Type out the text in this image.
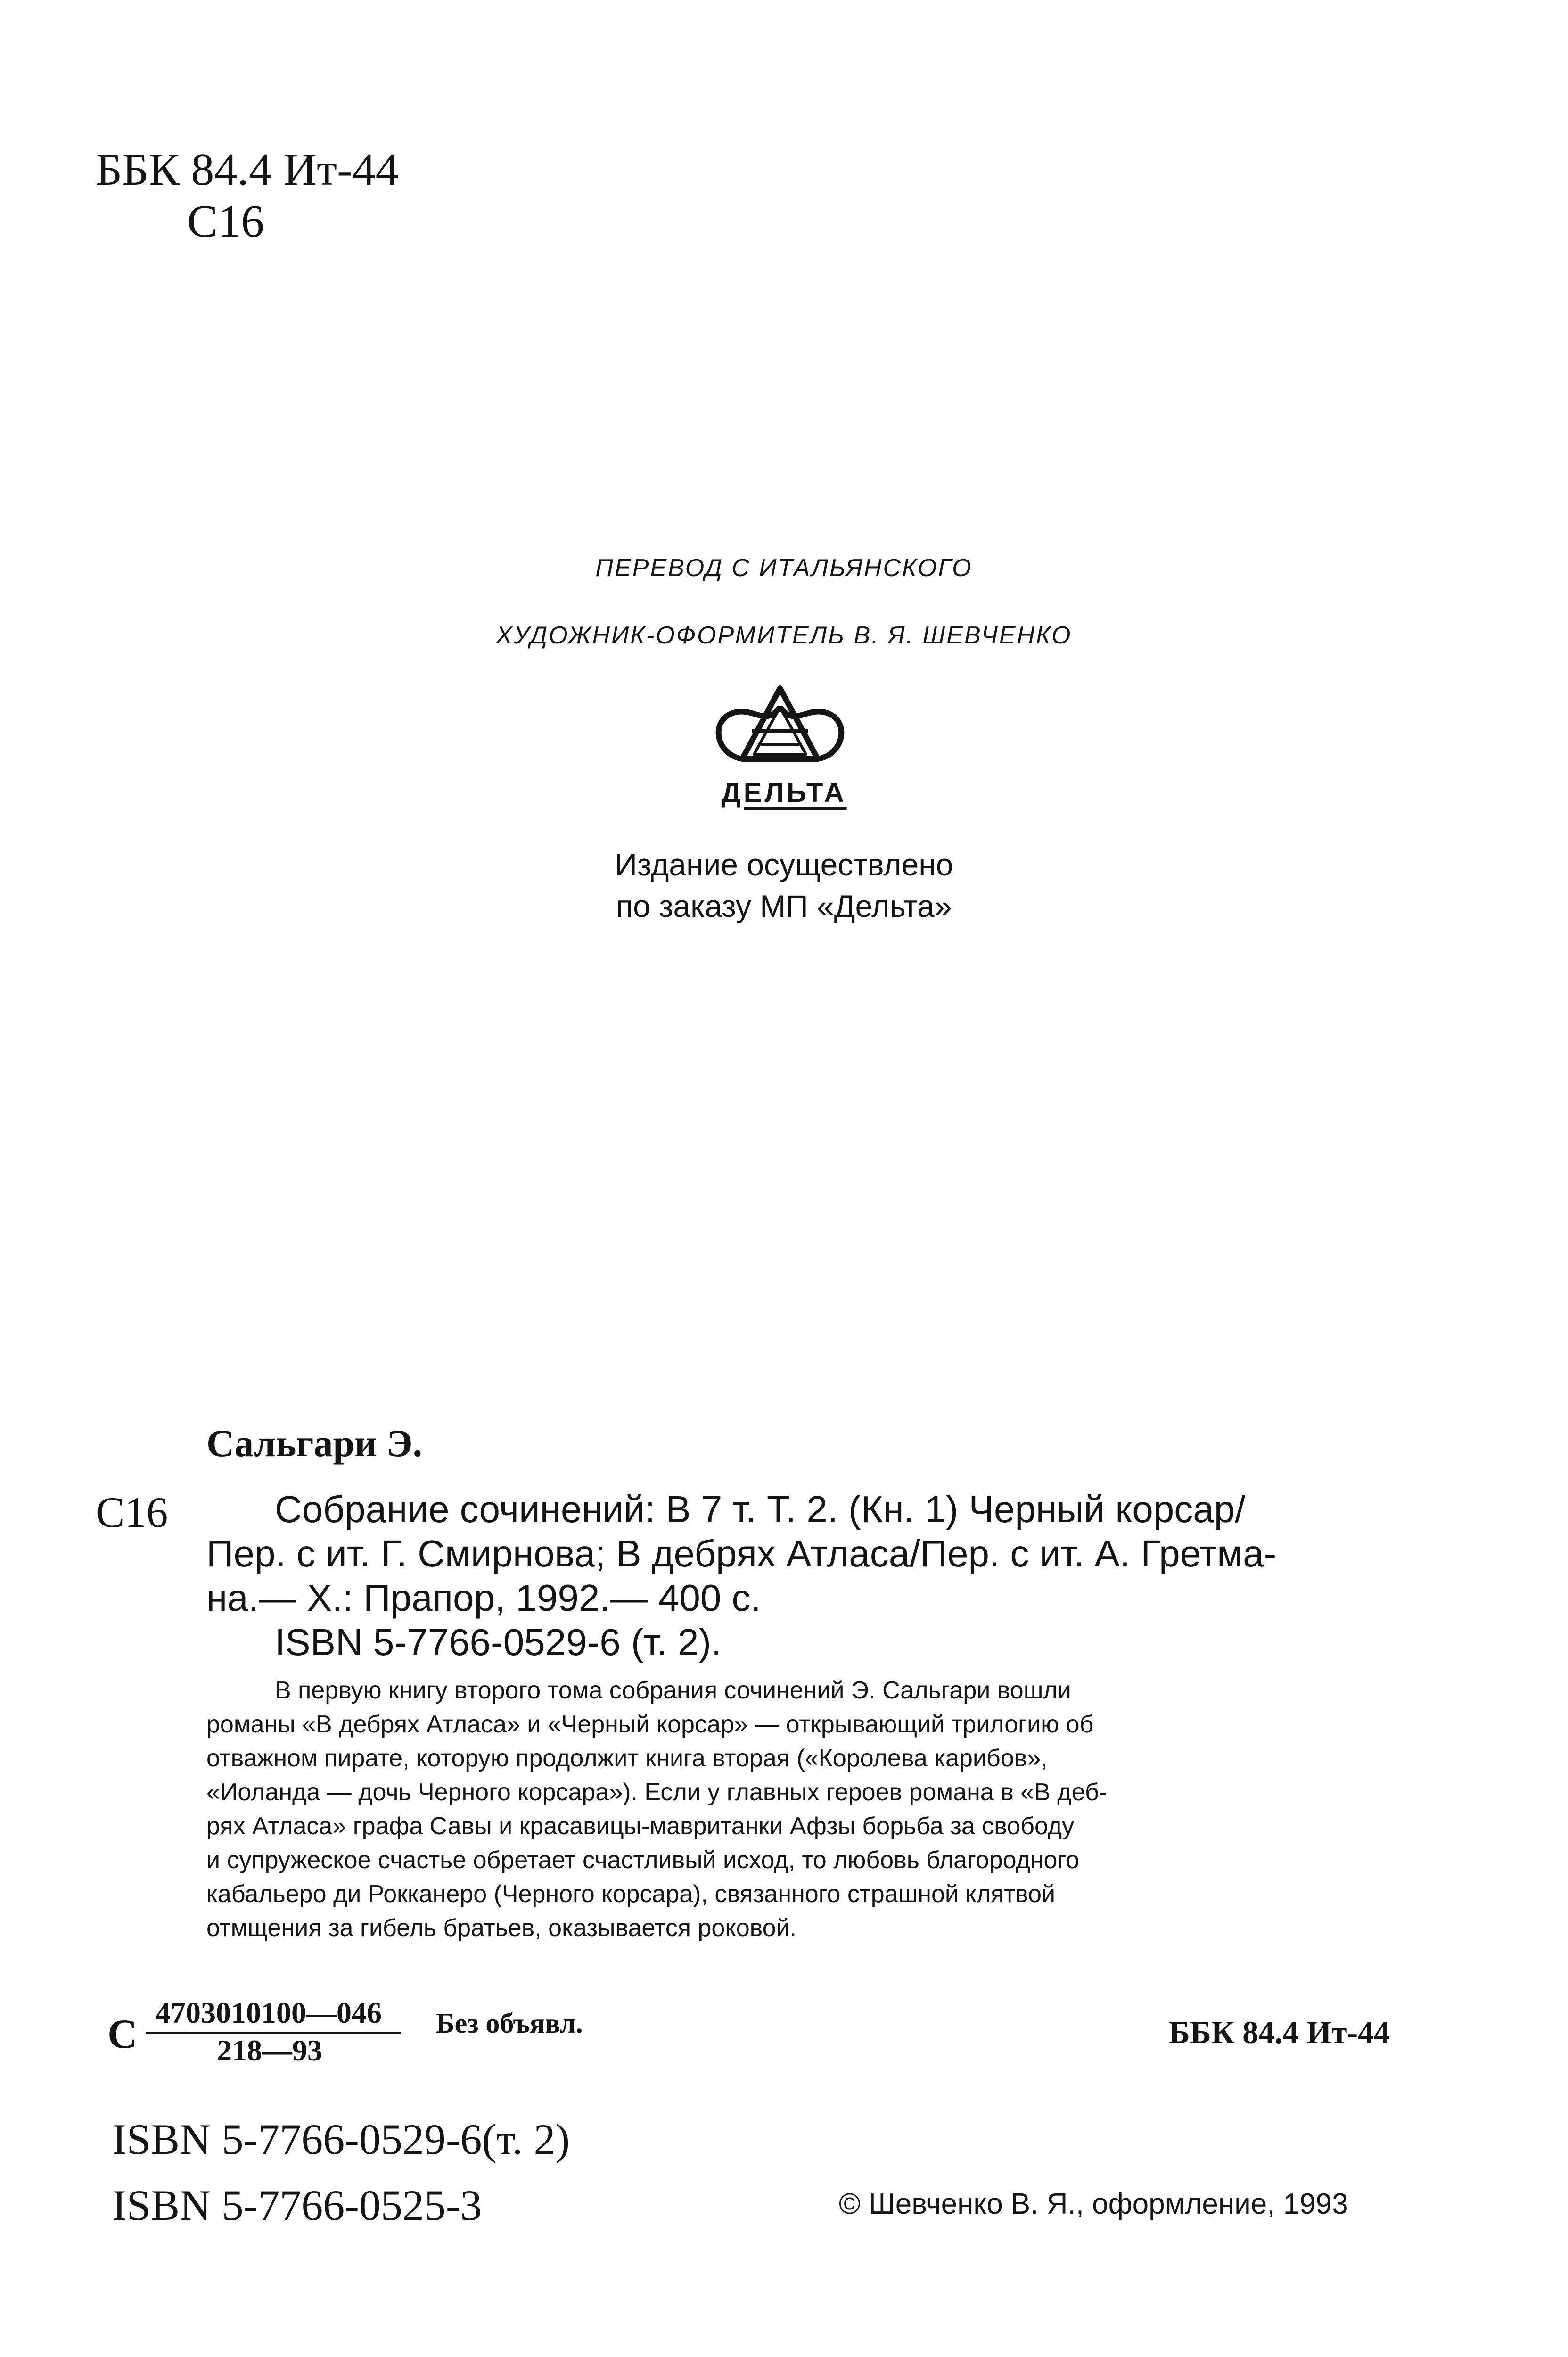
ББК 84.4 Ит-44
С16
ПЕРЕВОД С ИТАЛЬЯНСКОГО
ХУДОЖНИК-ОФОРМИТЕЛЬ В. Я. ШЕВЧЕНКО
ДЕЛЬТА
Издание осуществлено
по заказу МП «Дельта»
Сальгари Э.
С16	Собрание сочинений: В 7 т. Т. 2. (Кн. 1) Черный корсар/
Пер. с ит. Г. Смирнова; В дебрях Атласа/Пер. с ит. А. Гретма-
на.— Х.: Прапор, 1992.— 400 с.
ISBN 5-7766-0529-6 (т. 2).
В первую книгу второго тома собрания сочинений Э. Сальгари вошли
романы «В дебрях Атласа» и «Черный корсар» — открывающий трилогию об
отважном пирате, которую продолжит книга вторая («Королева карибов»,
«Иоланда — дочь Черного корсара»). Если у главных героев романа в «В деб-
рях Атласа» графа Савы и красавицы-мавританки Афзы борьба за свободу
и супружеское счастье обретает счастливый исход, то любовь благородного
кабальеро ди Рокканеро (Черного корсара), связанного страшной клятвой
отмщения за гибель братьев, оказывается роковой.
С $\frac{4703010100—046}{218—93}$ Без объявл.	ББК 84.4 Ит-44
ISBN 5-7766-0529-6(т. 2)
ISBN 5-7766-0525-3	© Шевченко В. Я., оформление, 1993
